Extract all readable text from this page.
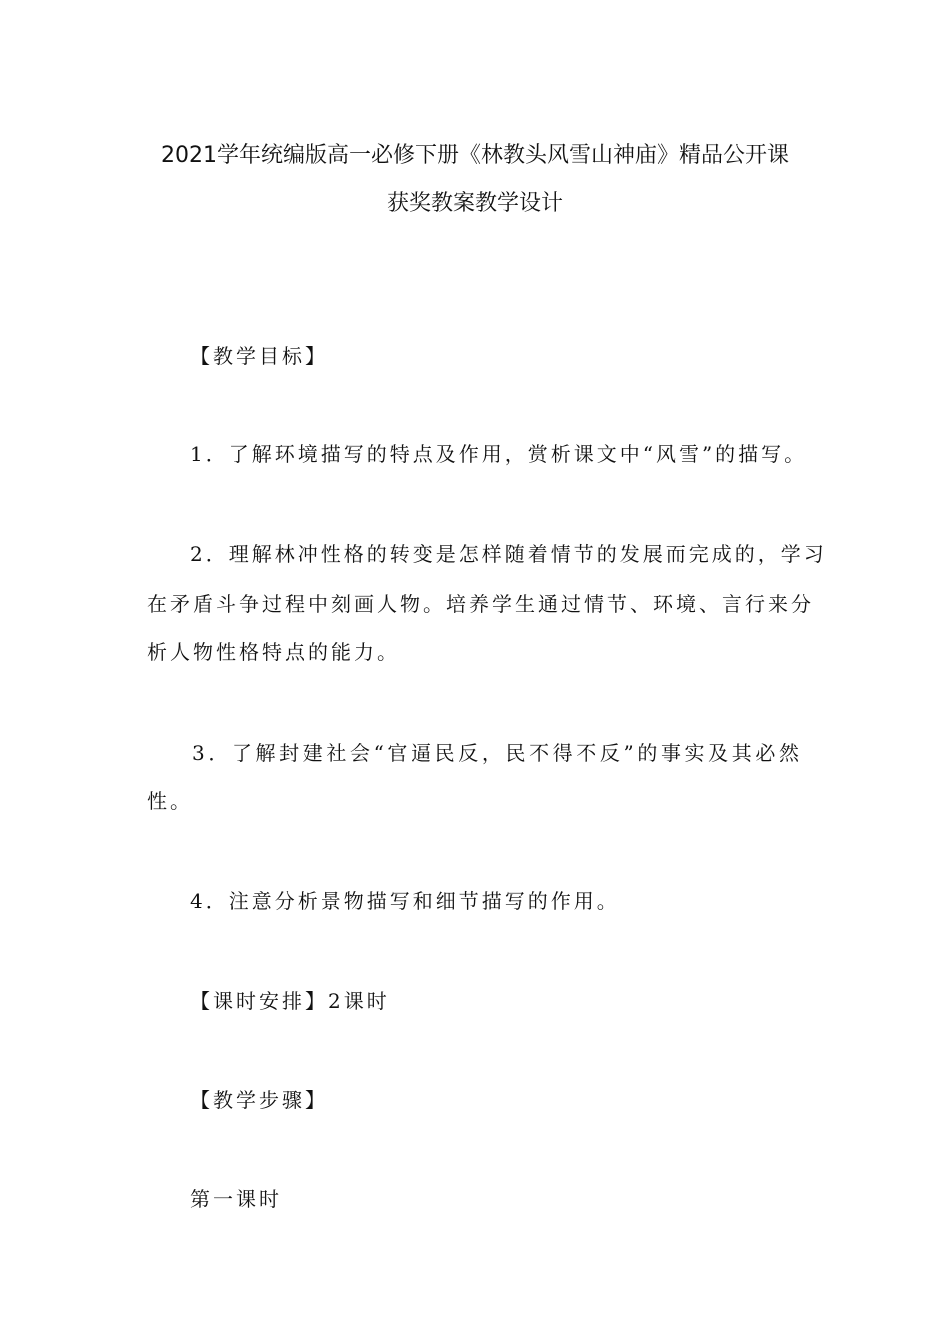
2021学年统编版高一必修下册《林教头风雪山神庙》精品公开课
获奖教案教学设计
【教学目标】
1．了解环境描写的特点及作用，赏析课文中“风雪”的描写。
2．理解林冲性格的转变是怎样随着情节的发展而完成的，学习
在矛盾斗争过程中刻画人物。培养学生通过情节、环境、言行来分
析人物性格特点的能力。
3．了解封建社会“官逼民反，民不得不反”的事实及其必然
性。
4．注意分析景物描写和细节描写的作用。
【课时安排】2课时
【教学步骤】
第一课时
